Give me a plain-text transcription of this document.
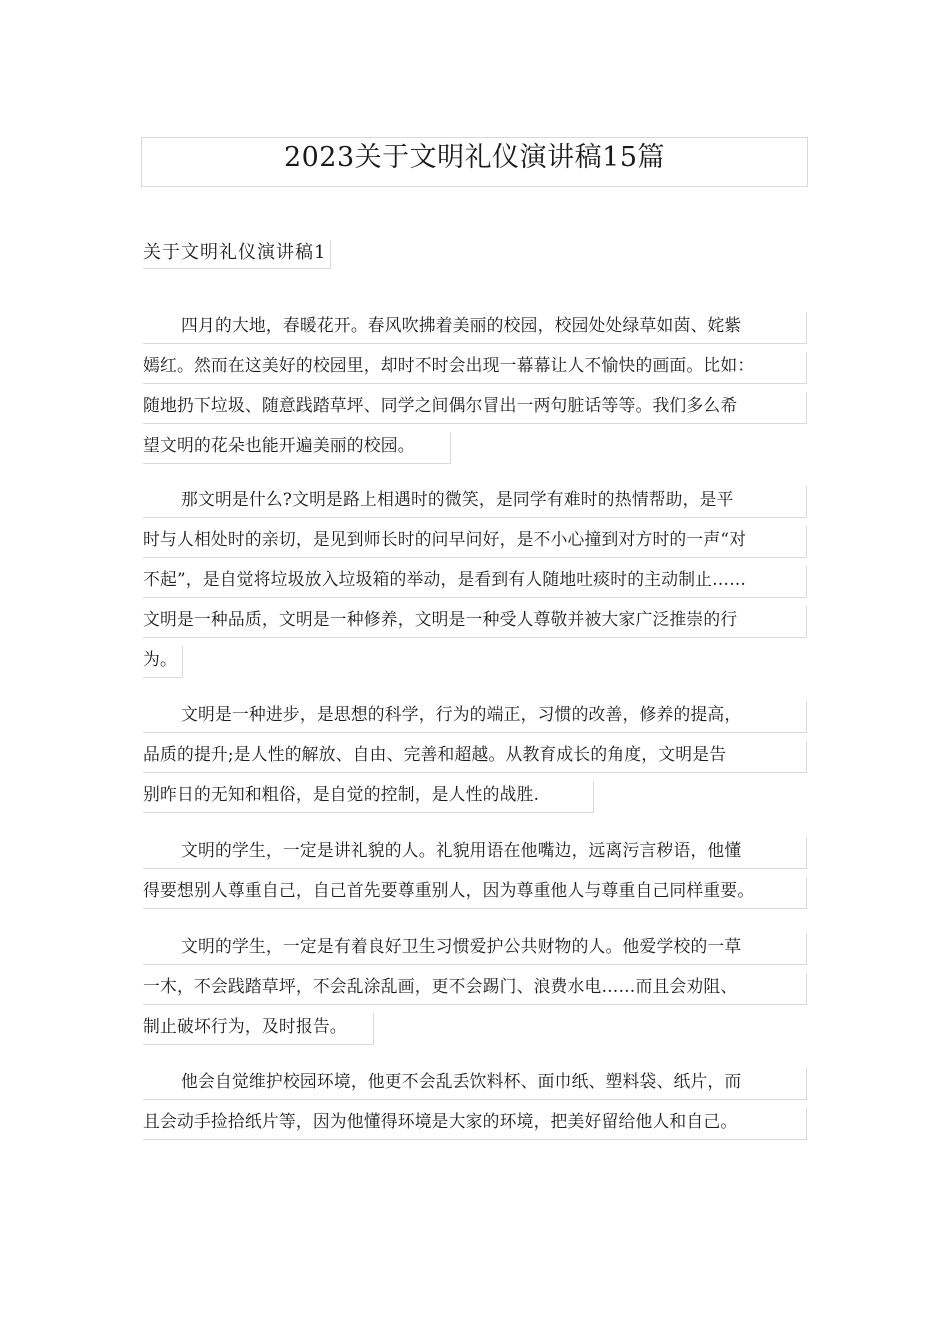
2023关于文明礼仪演讲稿15篇
关于文明礼仪演讲稿1
四月的大地，春暖花开。春风吹拂着美丽的校园，校园处处绿草如茵、姹紫
嫣红。然而在这美好的校园里，却时不时会出现一幕幕让人不愉快的画面。比如：
随地扔下垃圾、随意践踏草坪、同学之间偶尔冒出一两句脏话等等。我们多么希
望文明的花朵也能开遍美丽的校园。
那文明是什么?文明是路上相遇时的微笑，是同学有难时的热情帮助，是平
时与人相处时的亲切，是见到师长时的问早问好，是不小心撞到对方时的一声“对
不起”，是自觉将垃圾放入垃圾箱的举动，是看到有人随地吐痰时的主动制止……
文明是一种品质，文明是一种修养，文明是一种受人尊敬并被大家广泛推崇的行
为。
文明是一种进步，是思想的科学，行为的端正，习惯的改善，修养的提高，
品质的提升;是人性的解放、自由、完善和超越。从教育成长的角度，文明是告
别昨日的无知和粗俗，是自觉的控制，是人性的战胜.
文明的学生，一定是讲礼貌的人。礼貌用语在他嘴边，远离污言秽语，他懂
得要想别人尊重自己，自己首先要尊重别人，因为尊重他人与尊重自己同样重要。
文明的学生，一定是有着良好卫生习惯爱护公共财物的人。他爱学校的一草
一木，不会践踏草坪，不会乱涂乱画，更不会踢门、浪费水电……而且会劝阻、
制止破坏行为，及时报告。
他会自觉维护校园环境，他更不会乱丢饮料杯、面巾纸、塑料袋、纸片，而
且会动手捡拾纸片等，因为他懂得环境是大家的环境，把美好留给他人和自己。
